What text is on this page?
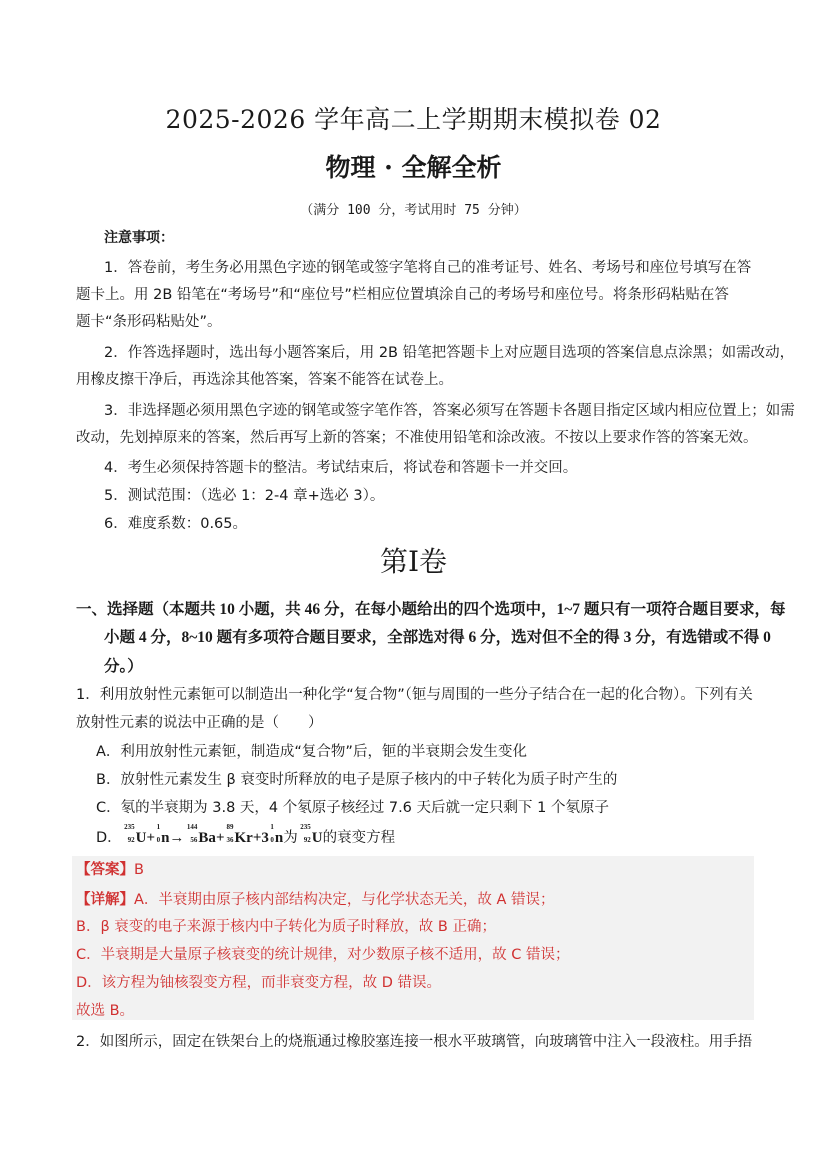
2025-2026 学年高二上学期期末模拟卷 02
物理 · 全解全析
（满分 100 分，考试用时 75 分钟）
注意事项：
1．答卷前，考生务必用黑色字迹的钢笔或签字笔将自己的准考证号、姓名、考场号和座位号填写在答
题卡上。用 2B 铅笔在“考场号”和“座位号”栏相应位置填涂自己的考场号和座位号。将条形码粘贴在答
题卡“条形码粘贴处”。
2．作答选择题时，选出每小题答案后，用 2B 铅笔把答题卡上对应题目选项的答案信息点涂黑；如需改动，
用橡皮擦干净后，再选涂其他答案，答案不能答在试卷上。
3．非选择题必须用黑色字迹的钢笔或签字笔作答，答案必须写在答题卡各题目指定区域内相应位置上；如需
改动，先划掉原来的答案，然后再写上新的答案；不准使用铅笔和涂改液。不按以上要求作答的答案无效。
4．考生必须保持答题卡的整洁。考试结束后，将试卷和答题卡一并交回。
5．测试范围：（选必 1：2-4 章+选必 3）。
6．难度系数：0.65。
第Ⅰ卷
一、选择题（本题共 10 小题，共 46 分，在每小题给出的四个选项中，1~7 题只有一项符合题目要求，每
小题 4 分，8~10 题有多项符合题目要求，全部选对得 6 分，选对但不全的得 3 分，有选错或不得 0
分。）
1．利用放射性元素钷可以制造出一种化学“复合物”（钷与周围的一些分子结合在一起的化合物）。下列有关
放射性元素的说法中正确的是（　　）
A．利用放射性元素钷，制造成“复合物”后，钷的半衰期会发生变化
B．放射性元素发生 β 衰变时所释放的电子是原子核内的中子转化为质子时产生的
C．氡的半衰期为 3.8 天，4 个氡原子核经过 7.6 天后就一定只剩下 1 个氡原子
D．
235
92 U+
1
0 n→
144
56 Ba+
89
36 Kr+3
1
0 n为
235
92 U的衰变方程
【答案】B
【详解】A．半衰期由原子核内部结构决定，与化学状态无关，故 A 错误；
B．β 衰变的电子来源于核内中子转化为质子时释放，故 B 正确；
C．半衰期是大量原子核衰变的统计规律，对少数原子核不适用，故 C 错误；
D．该方程为铀核裂变方程，而非衰变方程，故 D 错误。
故选 B。
2．如图所示，固定在铁架台上的烧瓶通过橡胶塞连接一根水平玻璃管，向玻璃管中注入一段液柱。用手捂
